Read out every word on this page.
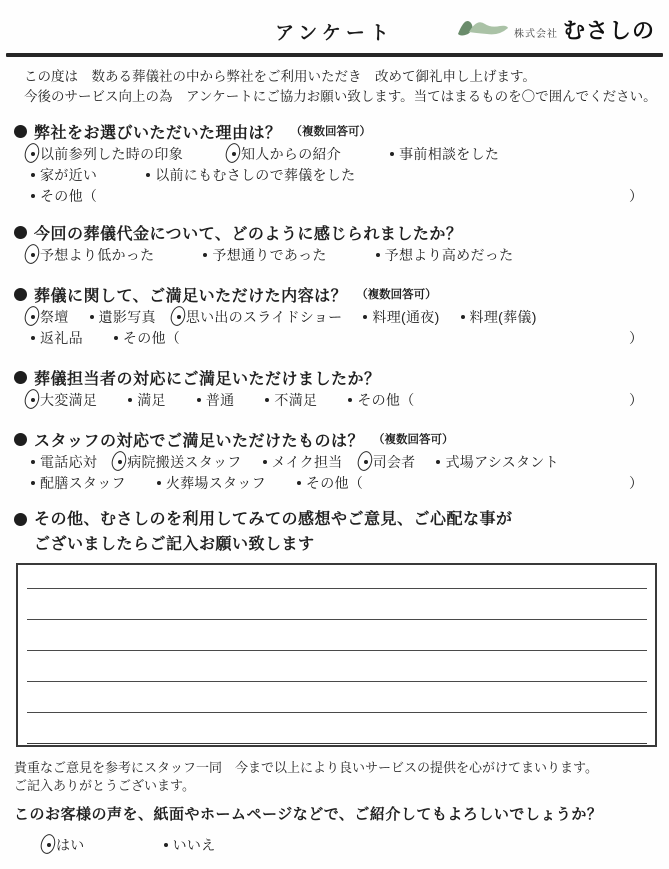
アンケート	株式会社 むさしの
この度は　数ある葬儀社の中から弊社をご利用いただき　改めて御礼申し上げます。
今後のサービス向上の為　アンケートにご協力お願い致します。当てはまるものを〇で囲んでください。
弊社をお選びいただいた理由は？ （複数回答可）
以前参列した時の印象	知人からの紹介	事前相談をした
家が近い	以前にもむさしので葬儀をした
その他（	）
今回の葬儀代金について、どのように感じられましたか？
予想より低かった	予想通りであった	予想より高めだった
葬儀に関して、ご満足いただけた内容は？ （複数回答可）
祭壇 遺影写真 思い出のスライドショー 料理(通夜) 料理(葬儀)
返礼品	その他（	）
葬儀担当者の対応にご満足いただけましたか？
大変満足	満足	普通	不満足	その他（	）
スタッフの対応でご満足いただけたものは？ （複数回答可）
電話応対 病院搬送スタッフ メイク担当 司会者 式場アシスタント
配膳スタッフ	火葬場スタッフ	その他（	）
その他、むさしのを利用してみての感想やご意見、ご心配な事が
ございましたらご記入お願い致します
貴重なご意見を参考にスタッフ一同　今まで以上により良いサービスの提供を心がけてまいります。
ご記入ありがとうございます。
このお客様の声を、紙面やホームページなどで、ご紹介してもよろしいでしょうか？
はい	いいえ
